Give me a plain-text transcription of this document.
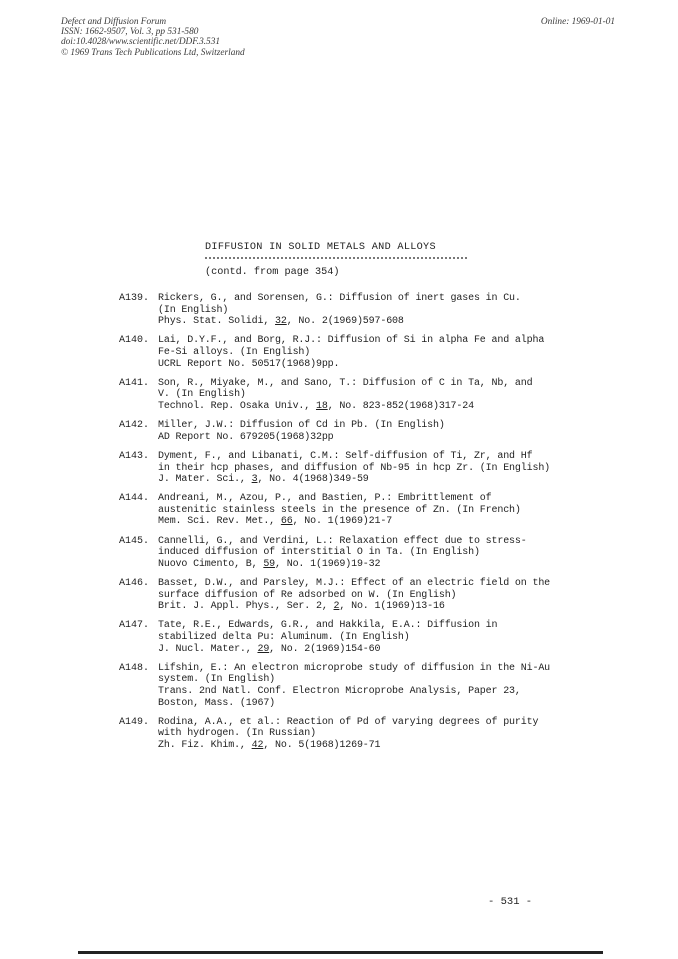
Defect and Diffusion Forum
ISSN: 1662-9507, Vol. 3, pp 531-580
doi:10.4028/www.scientific.net/DDF.3.531
© 1969 Trans Tech Publications Ltd, Switzerland
Online: 1969-01-01
DIFFUSION IN SOLID METALS AND ALLOYS
(contd. from page 354)
A139. Rickers, G., and Sorensen, G.: Diffusion of inert gases in Cu.
(In English)
Phys. Stat. Solidi, 32, No. 2(1969)597-608
A140. Lai, D.Y.F., and Borg, R.J.: Diffusion of Si in alpha Fe and alpha
Fe-Si alloys. (In English)
UCRL Report No. 50517(1968)9pp.
A141. Son, R., Miyake, M., and Sano, T.: Diffusion of C in Ta, Nb, and
V. (In English)
Technol. Rep. Osaka Univ., 18, No. 823-852(1968)317-24
A142. Miller, J.W.: Diffusion of Cd in Pb. (In English)
AD Report No. 679205(1968)32pp
A143. Dyment, F., and Libanati, C.M.: Self-diffusion of Ti, Zr, and Hf
in their hcp phases, and diffusion of Nb-95 in hcp Zr. (In English)
J. Mater. Sci., 3, No. 4(1968)349-59
A144. Andreani, M., Azou, P., and Bastien, P.: Embrittlement of
austenitic stainless steels in the presence of Zn. (In French)
Mem. Sci. Rev. Met., 66, No. 1(1969)21-7
A145. Cannelli, G., and Verdini, L.: Relaxation effect due to stress-
induced diffusion of interstitial O in Ta. (In English)
Nuovo Cimento, B, 59, No. 1(1969)19-32
A146. Basset, D.W., and Parsley, M.J.: Effect of an electric field on the
surface diffusion of Re adsorbed on W. (In English)
Brit. J. Appl. Phys., Ser. 2, 2, No. 1(1969)13-16
A147. Tate, R.E., Edwards, G.R., and Hakkila, E.A.: Diffusion in
stabilized delta Pu: Aluminum. (In English)
J. Nucl. Mater., 29, No. 2(1969)154-60
A148. Lifshin, E.: An electron microprobe study of diffusion in the Ni-Au
system. (In English)
Trans. 2nd Natl. Conf. Electron Microprobe Analysis, Paper 23,
Boston, Mass. (1967)
A149. Rodina, A.A., et al.: Reaction of Pd of varying degrees of purity
with hydrogen. (In Russian)
Zh. Fiz. Khim., 42, No. 5(1968)1269-71
- 531 -
